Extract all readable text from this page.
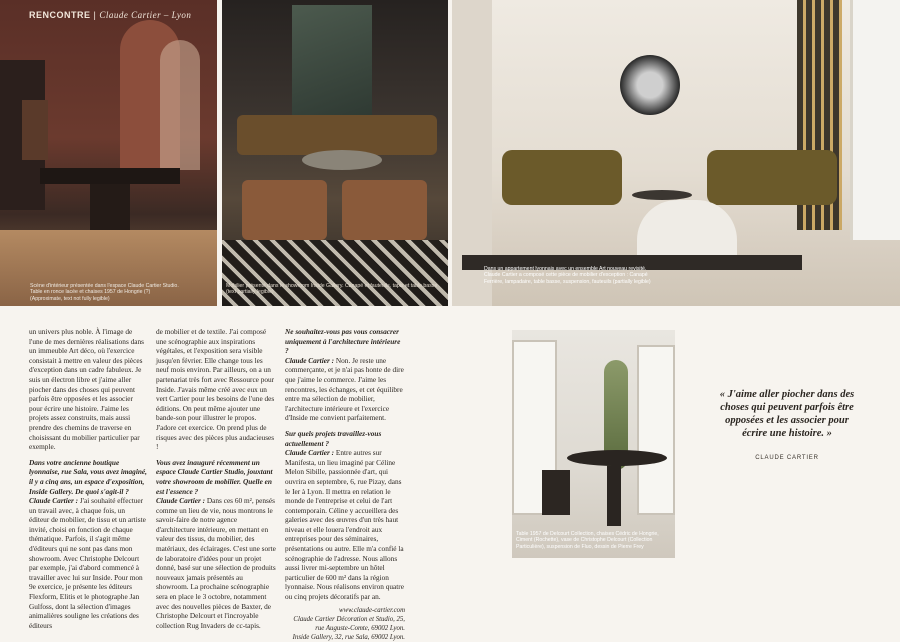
RENCONTRE | Claude Cartier – Lyon
Scène d'intérieur présentée dans l'espace Claude Cartier Studio. Table en ronce lacée et chaises 1957 de Hongrie (?) (Approximate, text not fully legible)
Mobilier présenté dans le showroom Inside Gallery. Canapé et fauteuils, tapis et table basse (text partially legible)
Dans un appartement lyonnais avec un ensemble Art nouveau revisité. Claude Cartier a composé cette pièce de mobilier d'exception : Canapé Ferrière, lampadaire, table basse, suspension, fauteuils (partially legible)

un univers plus noble. À l'image de l'une de mes dernières réalisations dans un immeuble Art déco, où l'exercice consistait à mettre en valeur des pièces d'exception dans un cadre fabuleux. Je suis un électron libre et j'aime aller piocher dans des choses qui peuvent parfois être opposées et les associer pour écrire une histoire. J'aime les projets assez construits, mais aussi prendre des chemins de traverse en choisissant du mobilier particulier par exemple.

Dans votre ancienne boutique lyonnaise, rue Sala, vous avez imaginé, il y a cinq ans, un espace d'exposition, Inside Gallery. De quoi s'agit-il ?

Claude Cartier : J'ai souhaité effectuer un travail avec, à chaque fois, un éditeur de mobilier, de tissu et un artiste invité, choisi en fonction de chaque thématique. Parfois, il s'agit même d'éditeurs qui ne sont pas dans mon showroom. Avec Christophe Delcourt par exemple, j'ai d'abord commencé à travailler avec lui sur Inside. Pour mon 9e exercice, je présente les éditeurs Flexform, Elitis et le photographe Jan Gulfoss, dont la sélection d'images animalières souligne les créations des éditeurs

de mobilier et de textile. J'ai composé une scénographie aux inspirations végétales, et l'exposition sera visible jusqu'en février. Elle change tous les neuf mois environ. Par ailleurs, on a un partenariat très fort avec Ressource pour Inside. J'avais même créé avec eux un vert Cartier pour les besoins de l'une des éditions. On peut même ajouter une bande-son pour illustrer le propos. J'adore cet exercice. On prend plus de risques avec des pièces plus audacieuses !

Vous avez inauguré récemment un espace Claude Cartier Studio, jouxtant votre showroom de mobilier. Quelle en est l'essence ?

Claude Cartier : Dans ces 60 m², pensés comme un lieu de vie, nous montrons le savoir-faire de notre agence d'architecture intérieure, en mettant en valeur des tissus, du mobilier, des matériaux, des éclairages. C'est une sorte de laboratoire d'idées pour un projet donné, basé sur une sélection de produits nouveaux jamais présentés au showroom. La prochaine scénographie sera en place le 3 octobre, notamment avec des nouvelles pièces de Baxter, de Christophe Delcourt et l'incroyable collection Rug Invaders de cc-tapis.

Ne souhaitez-vous pas vous consacrer uniquement à l'architecture intérieure ?

Claude Cartier : Non. Je reste une commerçante, et je n'ai pas honte de dire que j'aime le commerce. J'aime les rencontres, les échanges, et cet équilibre entre ma sélection de mobilier, l'architecture intérieure et l'exercice d'Inside me convient parfaitement.

Sur quels projets travaillez-vous actuellement ?

Claude Cartier : Entre autres sur Manifesta, un lieu imaginé par Céline Melon Sibille, passionnée d'art, qui ouvrira en septembre, 6, rue Pizay, dans le Ier à Lyon. Il mettra en relation le monde de l'entreprise et celui de l'art contemporain. Céline y accueillera des galeries avec des œuvres d'un très haut niveau et elle louera l'endroit aux entreprises pour des séminaires, présentations ou autre. Elle m'a confié la scénographie de l'adresse. Nous allons aussi livrer mi-septembre un hôtel particulier de 600 m² dans la région lyonnaise. Nous réalisons environ quatre ou cinq projets décoratifs par an.

www.claude-cartier.com
Claude Cartier Décoration et Studio, 25,
rue Auguste-Comte, 69002 Lyon.
Inside Gallery, 32, rue Sala, 69002 Lyon.
Table 1957 de Delcourt Collection, chaises Cédric de Hongrie, Ciment (Rochette), vase de Christophe Delcourt (Collection Particulière), suspension de Fluo, dessin de Pierre Frey
« J'aime aller piocher dans des choses qui peuvent parfois être opposées et les associer pour écrire une histoire. »
CLAUDE CARTIER
